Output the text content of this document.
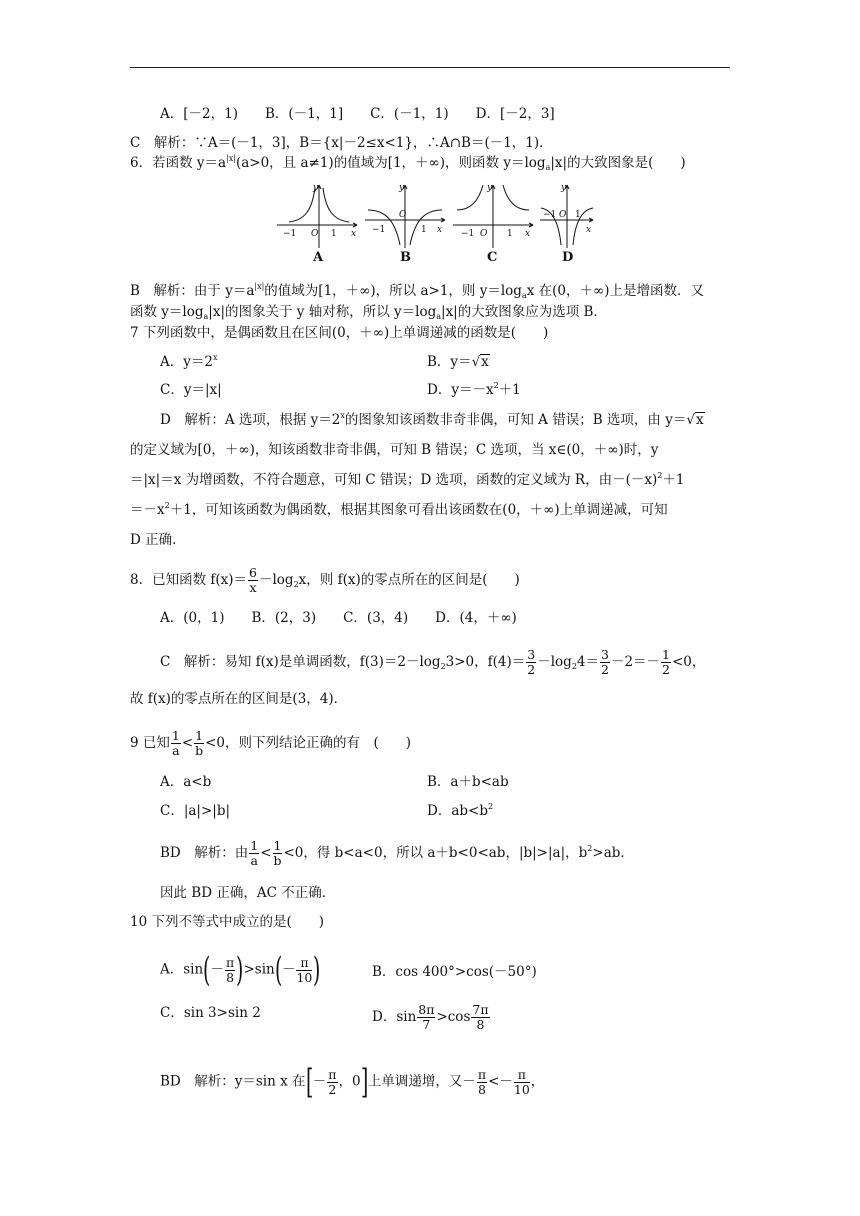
A．[－2，1)　　B．(－1，1]　　C．(－1，1)　　D．[－2，3]
C　解析：∵A＝(－1，3]，B＝{x|－2≤x<1}，∴A∩B＝(－1，1)．
6．若函数 $y=a^{|x|}(a>0$，且 a≠1)的值域为[1，＋∞)，则函数 $y=\log_a|x|$的大致图象是(　　)
y
x
O
−1	1
y
x
O
−1	1
y
x
O
−1	1
y
x
O
−1 1
A	B	C	D
B　解析：由于 $y=a^{|x|}$的值域为[1，＋∞)，所以 a>1，则 $y=\log_ax$ 在(0，＋∞)上是增函数．又
函数 $y=\log_a|x|$的图象关于 y 轴对称，所以 $y=\log_a|x|$的大致图象应为选项 B．
7 下列函数中，是偶函数且在区间(0，＋∞)上单调递减的函数是(　　)
A．$y=2^x$	B．y＝√x
C．y＝|x|	D．$y=-x^2+1$
D　解析：A 选项，根据 $y=2^x$的图象知该函数非奇非偶，可知 A 错误；B 选项，由 y＝√x
的定义域为[0，＋∞)，知该函数非奇非偶，可知 B 错误；C 选项，当 x∈(0，＋∞)时，y
＝|x|＝x 为增函数，不符合题意，可知 C 错误；D 选项，函数的定义域为 R，由$-(-x)^2+1$
$=-x^2+1$，可知该函数为偶函数，根据其图象可看出该函数在(0，＋∞)上单调递减，可知
D 正确．
8．已知函数 $f(x)= \frac{6}{x} -\log_2x$，则 f(x)的零点所在的区间是(　　)
A．(0，1)　　B．(2，3)　　C．(3，4)　　D．(4，＋∞)
C　解析：易知 f(x)是单调函数，$f(3)=2-\log_23>0$，$f(4)= \frac{3}{2} -\log_24= \frac{3}{2} -2=- \frac{1}{2} <0$，
故 f(x)的零点所在的区间是(3，4)．
9 已知 $\frac{1}{a} < \frac{1}{b} <0$，则下列结论正确的有　(　　)
A．a<b	B．a＋b<ab
C．|a|>|b|	D．$ab<b^2$
BD　解析：由 $\frac{1}{a} < \frac{1}{b} <0$，得 b<a<0，所以 a＋b<0<ab，|b|>|a|，$b^2>ab$．
因此 BD 正确，AC 不正确．
10 下列不等式中成立的是(　　)
A．$\sin(- \frac{\pi}{8} )>\sin(- \frac{\pi}{10}$ )	B．cos 400°>cos(－50°)
C．sin 3>sin 2	D．$\sin \frac{8\pi}{7} >\cos \frac{7\pi}{8}$
BD　解析：y＝sin x 在[－ $\frac{\pi}{2}$ ，0]上单调递增，又－ $\frac{\pi}{8} <- \frac{\pi}{10}$ ，
